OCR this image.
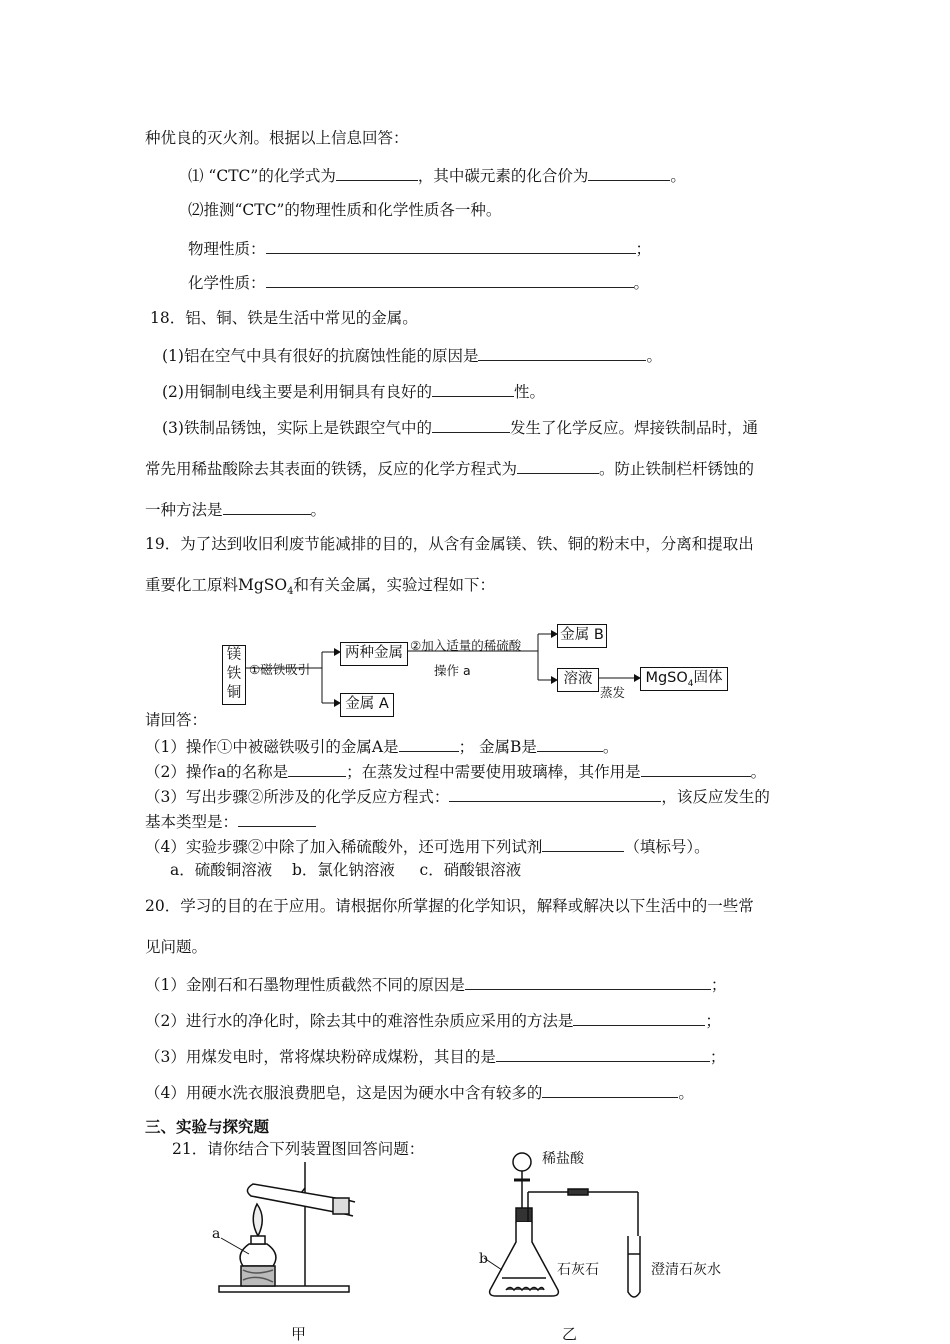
种优良的灭火剂。根据以上信息回答：
⑴ “CTC”的化学式为	，其中碳元素的化合价为	。
⑵推测“CTC”的物理性质和化学性质各一种。
物理性质：	；
化学性质：	。
18．铝、铜、铁是生活中常见的金属。
(1)铝在空气中具有很好的抗腐蚀性能的原因是	。
(2)用铜制电线主要是利用铜具有良好的	性。
(3)铁制品锈蚀，实际上是铁跟空气中的	发生了化学反应。焊接铁制品时，通
常先用稀盐酸除去其表面的铁锈，反应的化学方程式为	。防止铁制栏杆锈蚀的
一种方法是	。
19．为了达到收旧利废节能减排的目的，从含有金属镁、铁、铜的粉末中，分离和提取出
重要化工原料MgSO$_4$和有关金属，实验过程如下：
镁
铁
铜
①磁铁吸引
两种金属
金属 A
②加入适量的稀硫酸
操作 a
金属 B
溶液
蒸发
MgSO$_4$固体
请回答：
（1）操作①中被磁铁吸引的金属A是	； 金属B是	。
（2）操作a的名称是	；在蒸发过程中需要使用玻璃棒，其作用是	。
（3）写出步骤②所涉及的化学反应方程式：	，该反应发生的
基本类型是：
（4）实验步骤②中除了加入稀硫酸外，还可选用下列试剂	（填标号）。
a．硫酸铜溶液    b．氯化钠溶液     c．硝酸银溶液
20．学习的目的在于应用。请根据你所掌握的化学知识，解释或解决以下生活中的一些常
见问题。
（1）金刚石和石墨物理性质截然不同的原因是	；
（2）进行水的净化时，除去其中的难溶性杂质应采用的方法是	；
（3）用煤发电时，常将煤块粉碎成煤粉，其目的是	；
（4）用硬水洗衣服浪费肥皂，这是因为硬水中含有较多的	。
三、实验与探究题
21．请你结合下列装置图回答问题：
a
稀盐酸
b
石灰石	澄清石灰水
甲	乙
